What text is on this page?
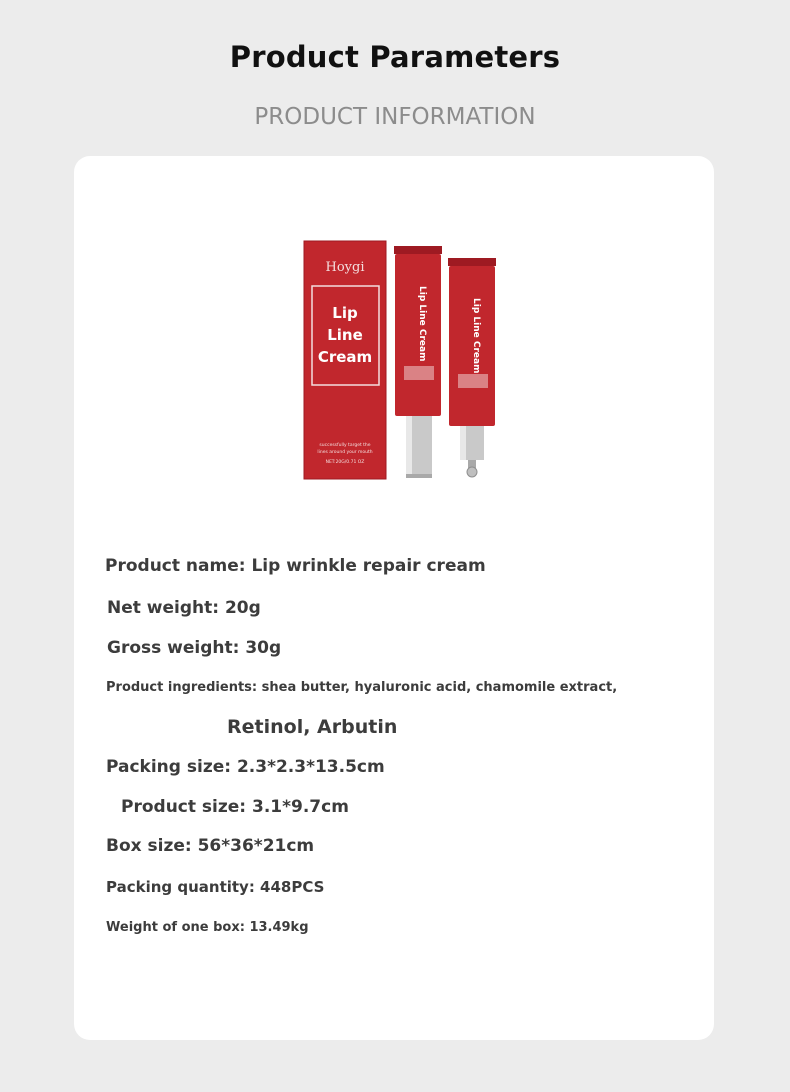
Product Parameters
PRODUCT INFORMATION
Hoygi
Lip
Line
Cream
successfully target the
lines around your mouth
NET:20G/0.71 OZ
Lip Line Cream	Lip Line Cream
Product name: Lip wrinkle repair cream
Net weight: 20g
Gross weight: 30g
Product ingredients: shea butter, hyaluronic acid, chamomile extract,
Retinol, Arbutin
Packing size: 2.3*2.3*13.5cm
Product size: 3.1*9.7cm
Box size: 56*36*21cm
Packing quantity: 448PCS
Weight of one box: 13.49kg
